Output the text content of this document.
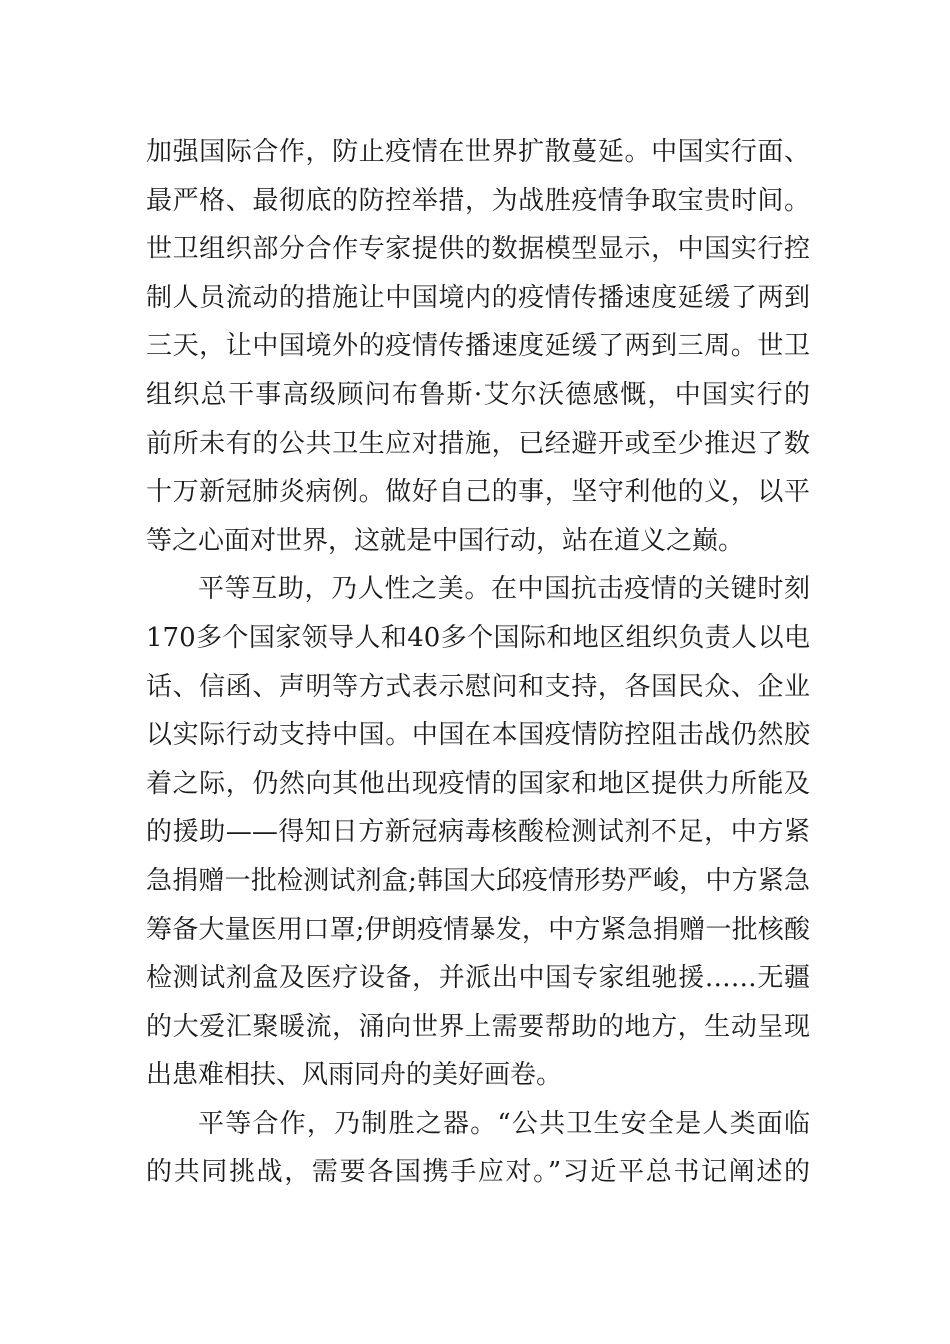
加强国际合作，防止疫情在世界扩散蔓延。中国实行面、
最严格、最彻底的防控举措，为战胜疫情争取宝贵时间。
世卫组织部分合作专家提供的数据模型显示，中国实行控
制人员流动的措施让中国境内的疫情传播速度延缓了两到
三天，让中国境外的疫情传播速度延缓了两到三周。世卫
组织总干事高级顾问布鲁斯·艾尔沃德感慨，中国实行的
前所未有的公共卫生应对措施，已经避开或至少推迟了数
十万新冠肺炎病例。做好自己的事，坚守利他的义，以平
等之心面对世界，这就是中国行动，站在道义之巅。
平等互助，乃人性之美。在中国抗击疫情的关键时刻
170多个国家领导人和40多个国际和地区组织负责人以电
话、信函、声明等方式表示慰问和支持，各国民众、企业
以实际行动支持中国。中国在本国疫情防控阻击战仍然胶
着之际，仍然向其他出现疫情的国家和地区提供力所能及
的援助——得知日方新冠病毒核酸检测试剂不足，中方紧
急捐赠一批检测试剂盒;韩国大邱疫情形势严峻，中方紧急
筹备大量医用口罩;伊朗疫情暴发，中方紧急捐赠一批核酸
检测试剂盒及医疗设备，并派出中国专家组驰援……无疆
的大爱汇聚暖流，涌向世界上需要帮助的地方，生动呈现
出患难相扶、风雨同舟的美好画卷。
平等合作，乃制胜之器。“公共卫生安全是人类面临
的共同挑战，需要各国携手应对。”习近平总书记阐述的
